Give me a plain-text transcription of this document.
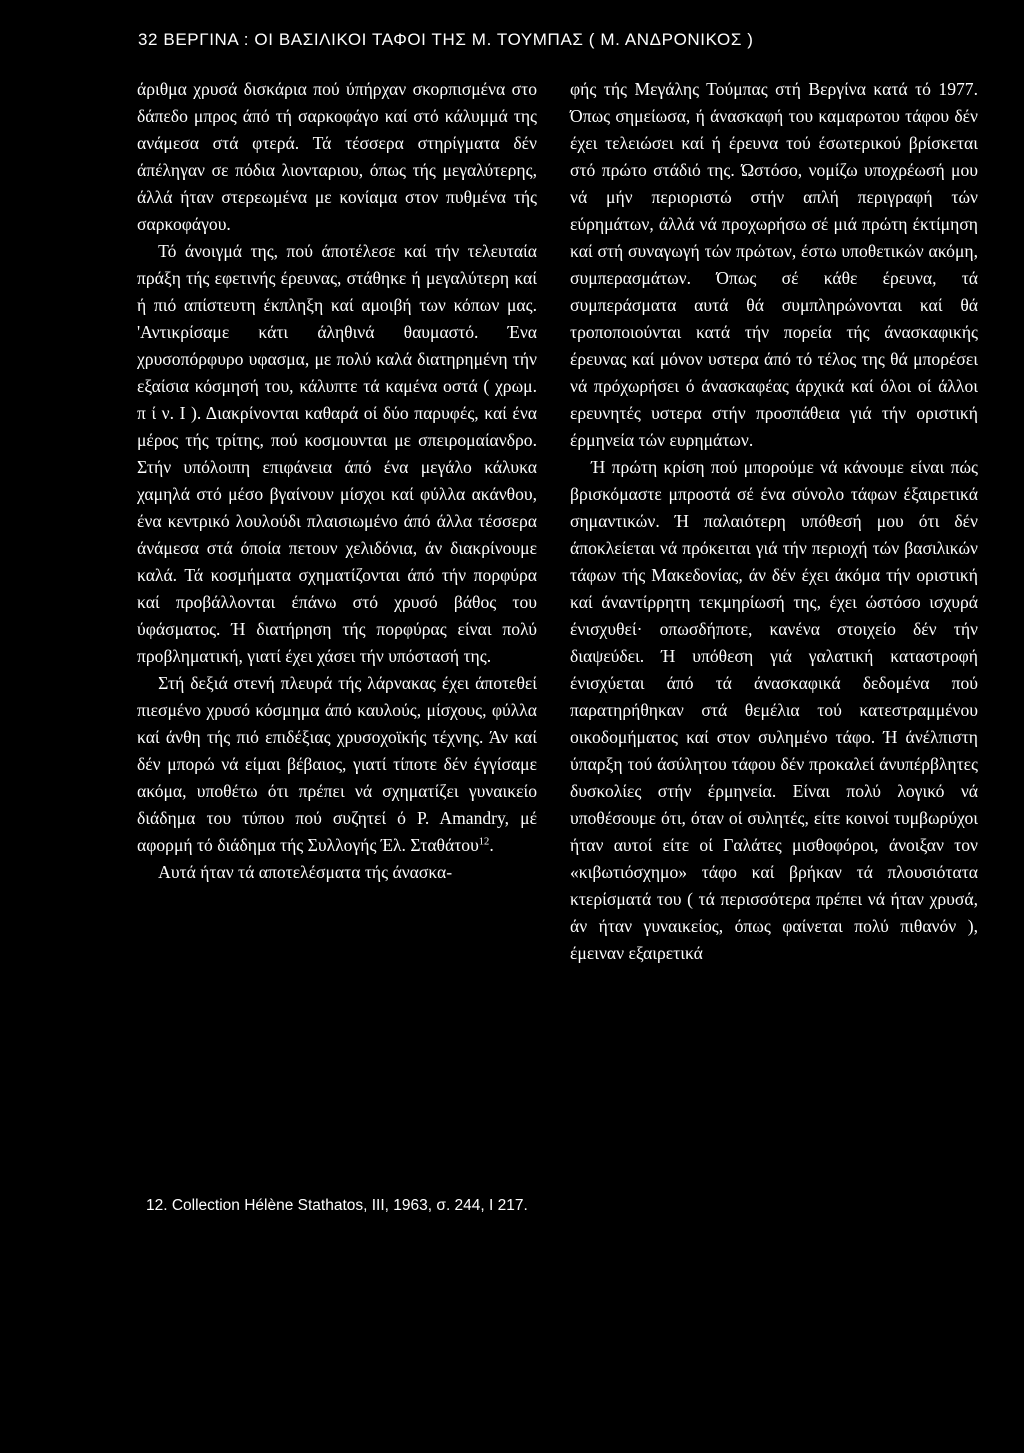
32 ΒΕΡΓΙΝΑ : ΟΙ ΒΑΣΙΛΙΚΟΙ ΤΑΦΟΙ ΤΗΣ Μ. ΤΟΥΜΠΑΣ ( Μ. ΑΝΔΡΟΝΙΚΟΣ )

άριθμα χρυσά δισκάρια πού ύπήρχαν σκορπισμένα στο δάπεδο μπρος άπό τή σαρκοφάγο καί στό κάλυμμά της ανάμεσα στά φτερά. Τά τέσσερα στηρίγματα δέν άπέληγαν σε πόδια λιονταριου, όπως τής μεγαλύτερης, άλλά ήταν στερεωμένα με κονίαμα στον πυθμένα τής σαρκοφάγου.

Τό άνοιγμά της, πού άποτέλεσε καί τήν τελευταία πράξη τής εφετινής έρευνας, στάθηκε ή μεγαλύτερη καί ή πιό απίστευτη έκπληξη καί αμοιβή των κόπων μας. 'Αντικρίσαμε κάτι άληθινά θαυμαστό. Ένα χρυσοπόρφυρο υφασμα, με πολύ καλά διατηρημένη τήν εξαίσια κόσμησή του, κάλυπτε τά καμένα οστά ( χρωμ. π ί ν. I ). Διακρίνονται καθαρά οί δύο παρυφές, καί ένα μέρος τής τρίτης, πού κοσμουνται με σπειρομαίανδρο. Στήν υπόλοιπη επιφάνεια άπό ένα μεγάλο κάλυκα χαμηλά στό μέσο βγαίνουν μίσχοι καί φύλλα ακάνθου, ένα κεντρικό λουλούδι πλαισιωμένο άπό άλλα τέσσερα άνάμεσα στά όποία πετουν χελιδόνια, άν διακρίνουμε καλά. Τά κοσμήματα σχηματίζονται άπό τήν πορφύρα καί προβάλλονται έπάνω στό χρυσό βάθος του ύφάσματος. Ή διατήρηση τής πορφύρας είναι πολύ προβληματική, γιατί έχει χάσει τήν υπόστασή της.

Στή δεξιά στενή πλευρά τής λάρνακας έχει άποτεθεί πιεσμένο χρυσό κόσμημα άπό καυλούς, μίσχους, φύλλα καί άνθη τής πιό επιδέξιας χρυσοχοϊκής τέχνης. Άν καί δέν μπορώ νά είμαι βέβαιος, γιατί τίποτε δέν έγγίσαμε ακόμα, υποθέτω ότι πρέπει νά σχηματίζει γυναικείο διάδημα του τύπου πού συζητεί ό P. Amandry, μέ αφορμή τό διάδημα τής Συλλογής Έλ. Σταθάτου$^{12}$.

Αυτά ήταν τά αποτελέσματα τής άνασκα-

φής τής Μεγάλης Τούμπας στή Βεργίνα κατά τό 1977. Όπως σημείωσα, ή άνασκαφή του καμαρωτου τάφου δέν έχει τελειώσει καί ή έρευνα τού έσωτερικού βρίσκεται στό πρώτο στάδιό της. Ώστόσο, νομίζω υποχρέωσή μου νά μήν περιοριστώ στήν απλή περιγραφή τών εύρημάτων, άλλά νά προχωρήσω σέ μιά πρώτη έκτίμηση καί στή συναγωγή τών πρώτων, έστω υποθετικών ακόμη, συμπερασμάτων. Όπως σέ κάθε έρευνα, τά συμπεράσματα αυτά θά συμπληρώνονται καί θά τροποποιούνται κατά τήν πορεία τής άνασκαφικής έρευνας καί μόνον υστερα άπό τό τέλος της θά μπορέσει νά πρόχωρήσει ό άνασκαφέας άρχικά καί όλοι οί άλλοι ερευνητές υστερα στήν προσπάθεια γιά τήν οριστική έρμηνεία τών ευρημάτων.

Ή πρώτη κρίση πού μπορούμε νά κάνουμε είναι πώς βρισκόμαστε μπροστά σέ ένα σύνολο τάφων έξαιρετικά σημαντικών. Ή παλαιότερη υπόθεσή μου ότι δέν άποκλείεται νά πρόκειται γιά τήν περιοχή τών βασιλικών τάφων τής Μακεδονίας, άν δέν έχει άκόμα τήν οριστική καί άναντίρρητη τεκμηρίωσή της, έχει ώστόσο ισχυρά ένισχυθεί· οπωσδήποτε, κανένα στοιχείο δέν τήν διαψεύδει. Ή υπόθεση γιά γαλατική καταστροφή ένισχύεται άπό τά άνασκαφικά δεδομένα πού παρατηρήθηκαν στά θεμέλια τού κατεστραμμένου οικοδομήματος καί στον συλημένο τάφο. Ή άνέλπιστη ύπαρξη τού άσύλητου τάφου δέν προκαλεί άνυπέρβλητες δυσκολίες στήν έρμηνεία. Είναι πολύ λογικό νά υποθέσουμε ότι, όταν οί συλητές, είτε κοινοί τυμβωρύχοι ήταν αυτοί είτε οί Γαλάτες μισθοφόροι, άνοιξαν τον «κιβωτιόσχημο» τάφο καί βρήκαν τά πλουσιότατα κτερίσματά του ( τά περισσότερα πρέπει νά ήταν χρυσά, άν ήταν γυναικείος, όπως φαίνεται πολύ πιθανόν ), έμειναν εξαιρετικά

12. Collection Hélène Stathatos, III, 1963, σ. 244, I 217.
